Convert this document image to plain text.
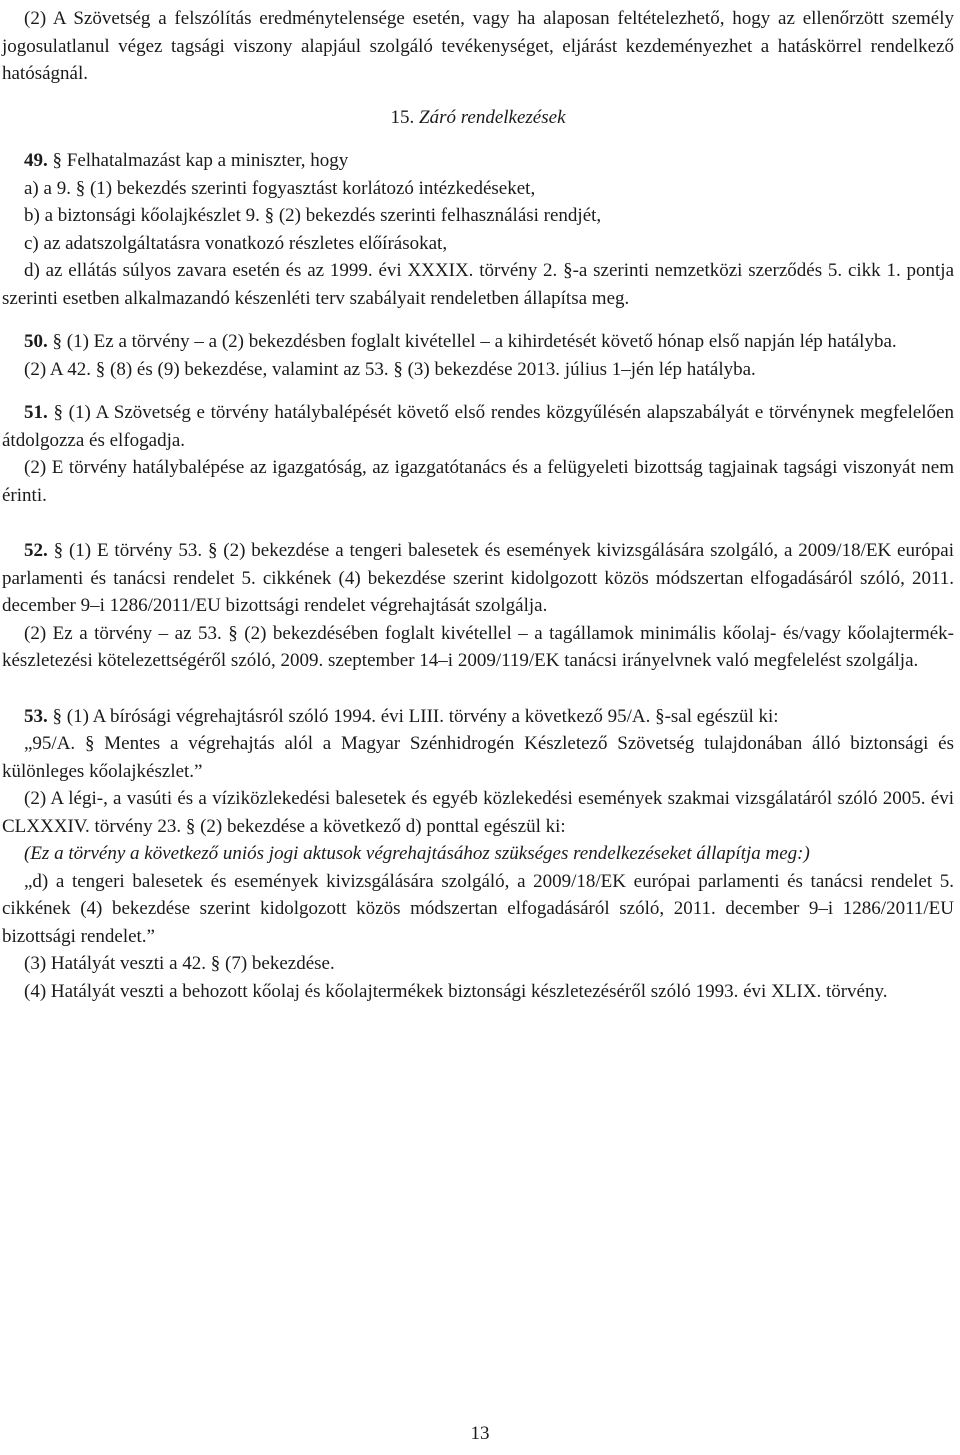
(2) A Szövetség a felszólítás eredménytelensége esetén, vagy ha alaposan feltételezhető, hogy az ellenőrzött személy jogosulatlanul végez tagsági viszony alapjául szolgáló tevékenységet, eljárást kezdeményezhet a hatáskörrel rendelkező hatóságnál.

15. Záró rendelkezések

49. § Felhatalmazást kap a miniszter, hogy

a) a 9. § (1) bekezdés szerinti fogyasztást korlátozó intézkedéseket,

b) a biztonsági kőolajkészlet 9. § (2) bekezdés szerinti felhasználási rendjét,

c) az adatszolgáltatásra vonatkozó részletes előírásokat,

d) az ellátás súlyos zavara esetén és az 1999. évi XXXIX. törvény 2. §-a szerinti nemzetközi szerződés 5. cikk 1. pontja szerinti esetben alkalmazandó készenléti terv szabályait rendeletben állapítsa meg.

50. § (1) Ez a törvény – a (2) bekezdésben foglalt kivétellel – a kihirdetését követő hónap első napján lép hatályba.

(2) A 42. § (8) és (9) bekezdése, valamint az 53. § (3) bekezdése 2013. július 1–jén lép hatályba.

51. § (1) A Szövetség e törvény hatálybalépését követő első rendes közgyűlésén alapszabályát e törvénynek megfelelően átdolgozza és elfogadja.

(2) E törvény hatálybalépése az igazgatóság, az igazgatótanács és a felügyeleti bizottság tagjainak tagsági viszonyát nem érinti.

52. § (1) E törvény 53. § (2) bekezdése a tengeri balesetek és események kivizsgálására szolgáló, a 2009/18/EK európai parlamenti és tanácsi rendelet 5. cikkének (4) bekezdése szerint kidolgozott közös módszertan elfogadásáról szóló, 2011. december 9–i 1286/2011/EU bizottsági rendelet végrehajtását szolgálja.

(2) Ez a törvény – az 53. § (2) bekezdésében foglalt kivétellel – a tagállamok minimális kőolaj- és/vagy kőolajtermék-készletezési kötelezettségéről szóló, 2009. szeptember 14–i 2009/119/EK tanácsi irányelvnek való megfelelést szolgálja.

53. § (1) A bírósági végrehajtásról szóló 1994. évi LIII. törvény a következő 95/A. §-sal egészül ki:

„95/A. § Mentes a végrehajtás alól a Magyar Szénhidrogén Készletező Szövetség tulajdonában álló biztonsági és különleges kőolajkészlet.”

(2) A légi-, a vasúti és a víziközlekedési balesetek és egyéb közlekedési események szakmai vizsgálatáról szóló 2005. évi CLXXXIV. törvény 23. § (2) bekezdése a következő d) ponttal egészül ki:

(Ez a törvény a következő uniós jogi aktusok végrehajtásához szükséges rendelkezéseket állapítja meg:)

„d) a tengeri balesetek és események kivizsgálására szolgáló, a 2009/18/EK európai parlamenti és tanácsi rendelet 5. cikkének (4) bekezdése szerint kidolgozott közös módszertan elfogadásáról szóló, 2011. december 9–i 1286/2011/EU bizottsági rendelet.”

(3) Hatályát veszti a 42. § (7) bekezdése.

(4) Hatályát veszti a behozott kőolaj és kőolajtermékek biztonsági készletezéséről szóló 1993. évi XLIX. törvény.

13
